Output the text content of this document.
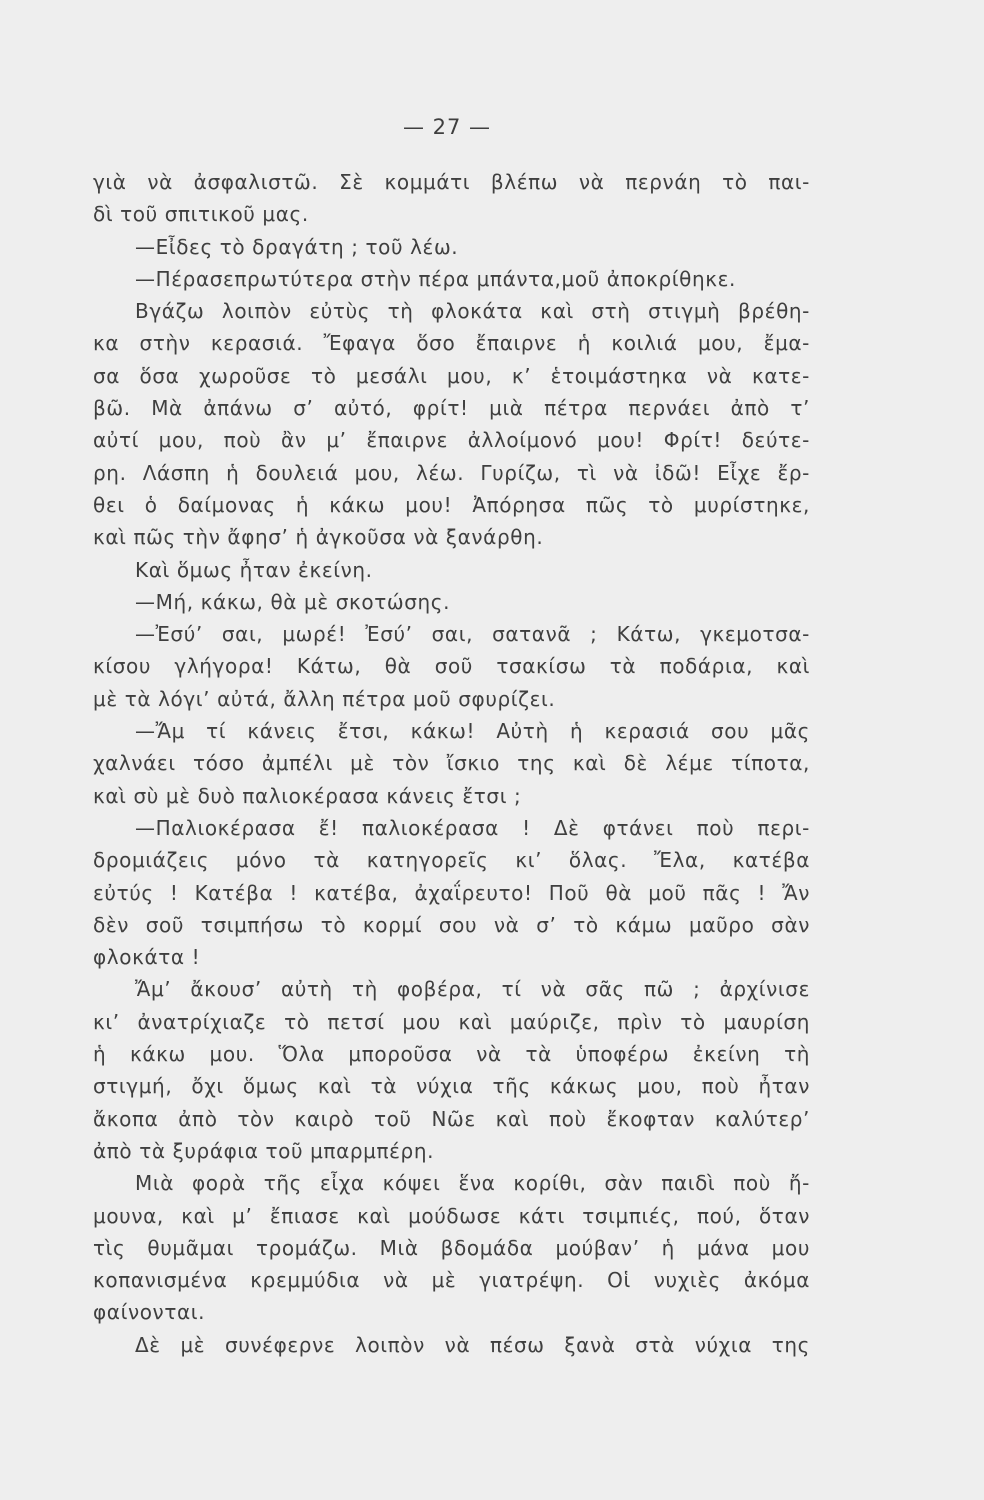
— 27 —
γιὰ νὰ ἀσφαλιστῶ. Σὲ κομμάτι βλέπω νὰ περνάη τὸ παι-
δὶ τοῦ σπιτικοῦ μας.
—Εἶδες τὸ δραγάτη ; τοῦ λέω.
—Πέρασεπρωτύτερα στὴν πέρα μπάντα,μοῦ ἀποκρίθηκε.
Βγάζω λοιπὸν εὐτὺς τὴ φλοκάτα καὶ στὴ στιγμὴ βρέθη-
κα στὴν κερασιά. Ἔφαγα ὅσο ἔπαιρνε ἡ κοιλιά μου, ἔμα-
σα ὅσα χωροῦσε τὸ μεσάλι μου, κ’ ἑτοιμάστηκα νὰ κατε-
βῶ. Μὰ ἀπάνω σ’ αὐτό, φρίτ! μιὰ πέτρα περνάει ἀπὸ τ’
αὐτί μου, ποὺ ἂν μ’ ἔπαιρνε ἀλλοίμονό μου! Φρίτ! δεύτε-
ρη. Λάσπη ἡ δουλειά μου, λέω. Γυρίζω, τὶ νὰ ἰδῶ! Εἶχε ἔρ-
θει ὁ δαίμονας ἡ κάκω μου! Ἀπόρησα πῶς τὸ μυρίστηκε,
καὶ πῶς τὴν ἄφησ’ ἡ ἀγκοῦσα νὰ ξανάρθη.
Καὶ ὅμως ἦταν ἐκείνη.
—Μή, κάκω, θὰ μὲ σκοτώσης.
—Ἐσύ’ σαι, μωρέ! Ἐσύ’ σαι, σατανᾶ ; Κάτω, γκεμοτσα-
κίσου γλήγορα! Κάτω, θὰ σοῦ τσακίσω τὰ ποδάρια, καὶ
μὲ τὰ λόγι’ αὐτά, ἄλλη πέτρα μοῦ σφυρίζει.
—Ἄμ τί κάνεις ἔτσι, κάκω! Αὐτὴ ἡ κερασιά σου μᾶς
χαλνάει τόσο ἀμπέλι μὲ τὸν ἴσκιο της καὶ δὲ λέμε τίποτα,
καὶ σὺ μὲ δυὸ παλιοκέρασα κάνεις ἔτσι ;
—Παλιοκέρασα ἔ! παλιοκέρασα ! Δὲ φτάνει ποὺ περι-
δρομιάζεις μόνο τὰ κατηγορεῖς κι’ ὅλας. Ἔλα, κατέβα
εὐτύς ! Κατέβα ! κατέβα, ἀχαΐρευτο! Ποῦ θὰ μοῦ πᾶς ! Ἄν
δὲν σοῦ τσιμπήσω τὸ κορμί σου νὰ σ’ τὸ κάμω μαῦρο σὰν
φλοκάτα !
Ἄμ’ ἄκουσ’ αὐτὴ τὴ φοβέρα, τί νὰ σᾶς πῶ ; ἀρχίνισε
κι’ ἀνατρίχιαζε τὸ πετσί μου καὶ μαύριζε, πρὶν τὸ μαυρίση
ἡ κάκω μου. Ὅλα μποροῦσα νὰ τὰ ὑποφέρω ἐκείνη τὴ
στιγμή, ὄχι ὅμως καὶ τὰ νύχια τῆς κάκως μου, ποὺ ἦταν
ἄκοπα ἀπὸ τὸν καιρὸ τοῦ Νῶε καὶ ποὺ ἔκοφταν καλύτερ’
ἀπὸ τὰ ξυράφια τοῦ μπαρμπέρη.
Μιὰ φορὰ τῆς εἶχα κόψει ἕνα κορίθι, σὰν παιδὶ ποὺ ἤ-
μουνα, καὶ μ’ ἔπιασε καὶ μούδωσε κάτι τσιμπιές, πού, ὅταν
τὶς θυμᾶμαι τρομάζω. Μιὰ βδομάδα μούβαν’ ἡ μάνα μου
κοπανισμένα κρεμμύδια νὰ μὲ γιατρέψη. Οἱ νυχιὲς ἀκόμα
φαίνονται.
Δὲ μὲ συνέφερνε λοιπὸν νὰ πέσω ξανὰ στὰ νύχια της
